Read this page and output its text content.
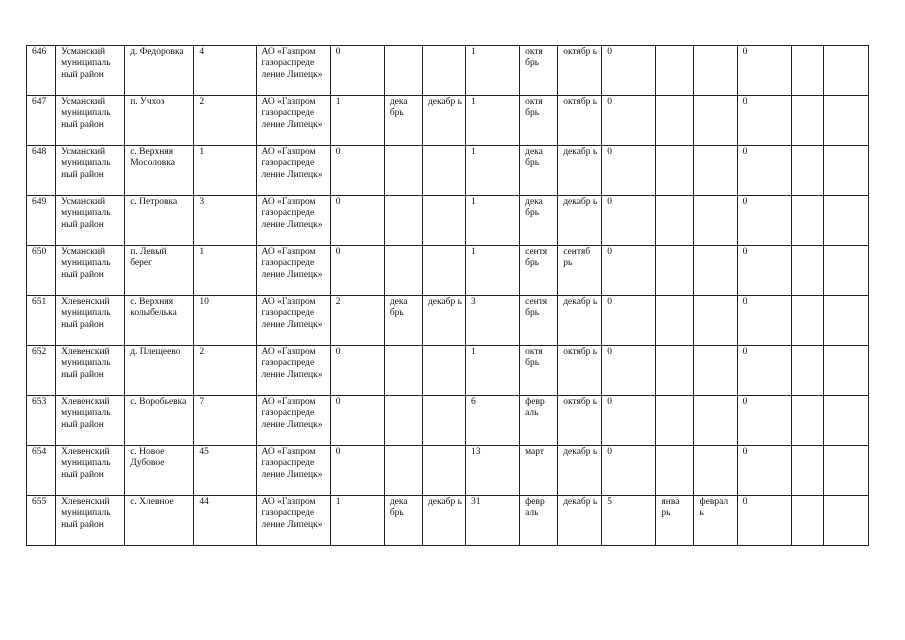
646	Усманский муниципаль ный район	д. Федоровка	4	АО «Газпром газораспреде ление Липецк»	0			1	октя брь	октябр ь	0			0		

647	Усманский муниципаль ный район	п. Учхоз	2	АО «Газпром газораспреде ление Липецк»	1	дека брь	декабр ь	1	октя брь	октябр ь	0			0		

648	Усманский муниципаль ный район	с. Верхняя Мосоловка	1	АО «Газпром газораспреде ление Липецк»	0			1	дека брь	декабр ь	0			0		

649	Усманский муниципаль ный район	с. Петровка	3	АО «Газпром газораспреде ление Липецк»	0			1	дека брь	декабр ь	0			0		

650	Усманский муниципаль ный район	п. Левый берег	1	АО «Газпром газораспреде ление Липецк»	0			1	сентя брь	сентяб рь	0			0		

651	Хлевенский муниципаль ный район	с. Верхняя колыбелька	10	АО «Газпром газораспреде ление Липецк»	2	дека брь	декабр ь	3	сентя брь	декабр ь	0			0		

652	Хлевенский муниципаль ный район	д. Плещеево	2	АО «Газпром газораспреде ление Липецк»	0			1	октя брь	октябр ь	0			0		

653	Хлевенский муниципаль ный район	с. Воробьевка	7	АО «Газпром газораспреде ление Липецк»	0			6	февр аль	октябр ь	0			0		

654	Хлевенский муниципаль ный район	с. Новое Дубовое	45	АО «Газпром газораспреде ление Липецк»	0			13	март	декабр ь	0			0		

655	Хлевенский муниципаль ный район	с. Хлевное	44	АО «Газпром газораспреде ление Липецк»	1	дека брь	декабр ь	31	февр аль	декабр ь	5	янва рь	феврал ь	0		
